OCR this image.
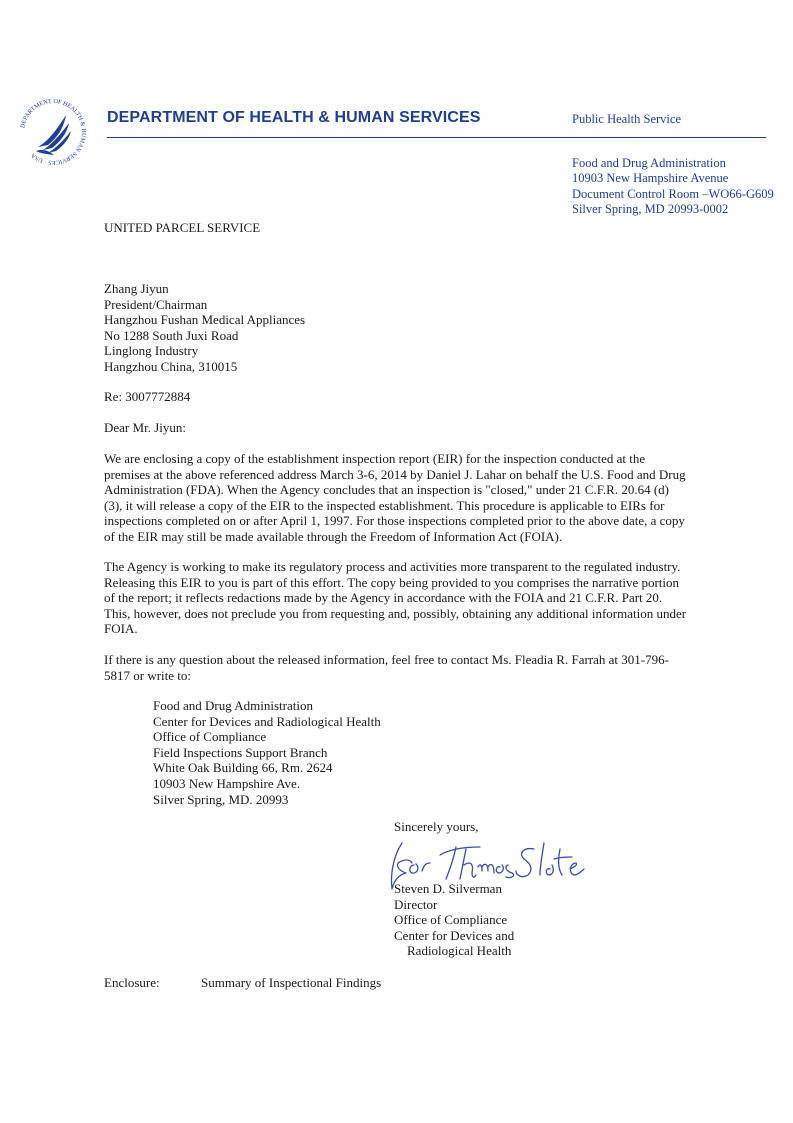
DEPARTMENT OF HEALTH & HUMAN SERVICES · USA
DEPARTMENT OF HEALTH & HUMAN SERVICES	Public Health Service
Food and Drug Administration
10903 New Hampshire Avenue
Document Control Room –WO66-G609
Silver Spring, MD 20993-0002
UNITED PARCEL SERVICE
Zhang Jiyun
President/Chairman
Hangzhou Fushan Medical Appliances
No 1288 South Juxi Road
Linglong Industry
Hangzhou China, 310015
Re: 3007772884
Dear Mr. Jiyun:
We are enclosing a copy of the establishment inspection report (EIR) for the inspection conducted at the
premises at the above referenced address March 3-6, 2014 by Daniel J. Lahar on behalf the U.S. Food and Drug
Administration (FDA). When the Agency concludes that an inspection is "closed," under 21 C.F.R. 20.64 (d)
(3), it will release a copy of the EIR to the inspected establishment. This procedure is applicable to EIRs for
inspections completed on or after April 1, 1997. For those inspections completed prior to the above date, a copy
of the EIR may still be made available through the Freedom of Information Act (FOIA).
The Agency is working to make its regulatory process and activities more transparent to the regulated industry.
Releasing this EIR to you is part of this effort. The copy being provided to you comprises the narrative portion
of the report; it reflects redactions made by the Agency in accordance with the FOIA and 21 C.F.R. Part 20.
This, however, does not preclude you from requesting and, possibly, obtaining any additional information under
FOIA.
If there is any question about the released information, feel free to contact Ms. Fleadia R. Farrah at 301-796-
5817 or write to:
Food and Drug Administration
Center for Devices and Radiological Health
Office of Compliance
Field Inspections Support Branch
White Oak Building 66, Rm. 2624
10903 New Hampshire Ave.
Silver Spring, MD. 20993
Sincerely yours,
Steven D. Silverman
Director
Office of Compliance
Center for Devices and
Radiological Health
Enclosure:	Summary of Inspectional Findings
